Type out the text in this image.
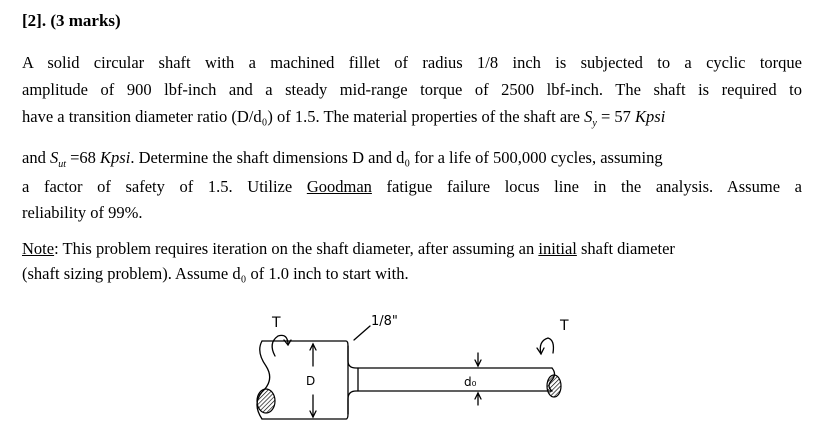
[2]. (3 marks)
A solid circular shaft with a machined fillet of radius 1/8 inch is subjected to a cyclic torque
amplitude of 900 lbf-inch and a steady mid-range torque of 2500 lbf-inch. The shaft is required to
have a transition diameter ratio (D/d₀) of 1.5. The material properties of the shaft are $S_y = 57$ Kpsi
and $S_{ut} =68$ Kpsi. Determine the shaft dimensions D and d₀ for a life of 500,000 cycles, assuming
a factor of safety of 1.5. Utilize Goodman fatigue failure locus line in the analysis. Assume a
reliability of 99%.
Note: This problem requires iteration on the shaft diameter, after assuming an initial shaft diameter
(shaft sizing problem). Assume d₀ of 1.0 inch to start with.
T	T
1/8"
D	d₀
